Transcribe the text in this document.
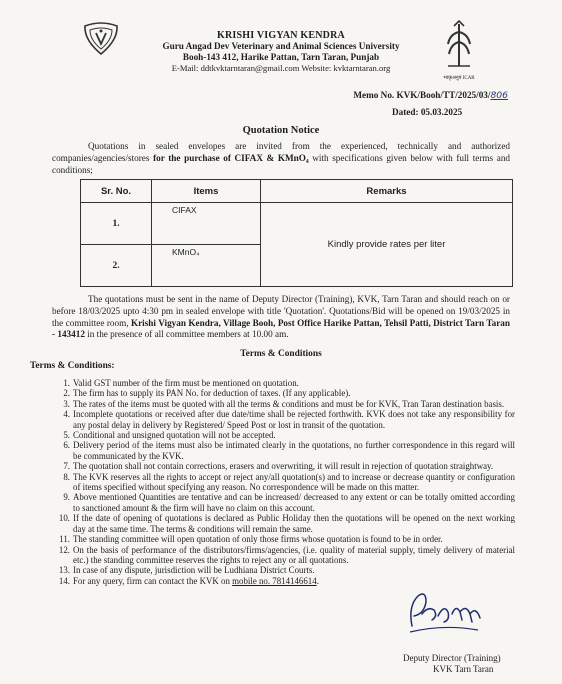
KRISHI VIGYAN KENDRA
Guru Angad Dev Veterinary and Animal Sciences University
Booh-143 412, Harike Pattan, Tarn Taran, Punjab
E-Mail: ddtkvktarntaran@gmail.com Website: kvktarntaran.org
भाकृअनुप ICAR
Memo No. KVK/Booh/TT/2025/03/806
Dated: 05.03.2025
Quotation Notice
Quotations in sealed envelopes are invited from the experienced, technically and authorized companies/agencies/stores for the purchase of CIFAX & KMnO₄ with specifications given below with full terms and conditions;
Sr. No.	Items	Remarks
1.	CIFAX	Kindly provide rates per liter
2.	KMnO₄	
The quotations must be sent in the name of Deputy Director (Training), KVK, Tarn Taran and should reach on or before 18/03/2025 upto 4:30 pm in sealed envelope with title 'Quotation'. Quotations/Bid will be opened on 19/03/2025 in the committee room, Krishi Vigyan Kendra, Village Booh, Post Office Harike Pattan, Tehsil Patti, District Tarn Taran - 143412 in the presence of all committee members at 10.00 am.
Terms & Conditions
Terms & Conditions:
1. Valid GST number of the firm must be mentioned on quotation.
2. The firm has to supply its PAN No. for deduction of taxes. (If any applicable).
3. The rates of the items must be quoted with all the terms & conditions and must be for KVK, Tran Taran destination basis.
4. Incomplete quotations or received after due date/time shall be rejected forthwith. KVK does not take any responsibility for any postal delay in delivery by Registered/ Speed Post or lost in transit of the quotation.
5. Conditional and unsigned quotation will not be accepted.
6. Delivery period of the items must also be intimated clearly in the quotations, no further correspondence in this regard will be communicated by the KVK.
7. The quotation shall not contain corrections, erasers and overwriting, it will result in rejection of quotation straightway.
8. The KVK reserves all the rights to accept or reject any/all quotation(s) and to increase or decrease quantity or configuration of items specified without specifying any reason. No correspondence will be made on this matter.
9. Above mentioned Quantities are tentative and can be increased/ decreased to any extent or can be totally omitted according to sanctioned amount & the firm will have no claim on this account.
10. If the date of opening of quotations is declared as Public Holiday then the quotations will be opened on the next working day at the same time. The terms & conditions will remain the same.
11. The standing committee will open quotation of only those firms whose quotation is found to be in order.
12. On the basis of performance of the distributors/firms/agencies, (i.e. quality of material supply, timely delivery of material etc.) the standing committee reserves the rights to reject any or all quotations.
13. In case of any dispute, jurisdiction will be Ludhiana District Courts.
14. For any query, firm can contact the KVK on mobile no. 7814146614.
Deputy Director (Training)
KVK Tarn Taran
